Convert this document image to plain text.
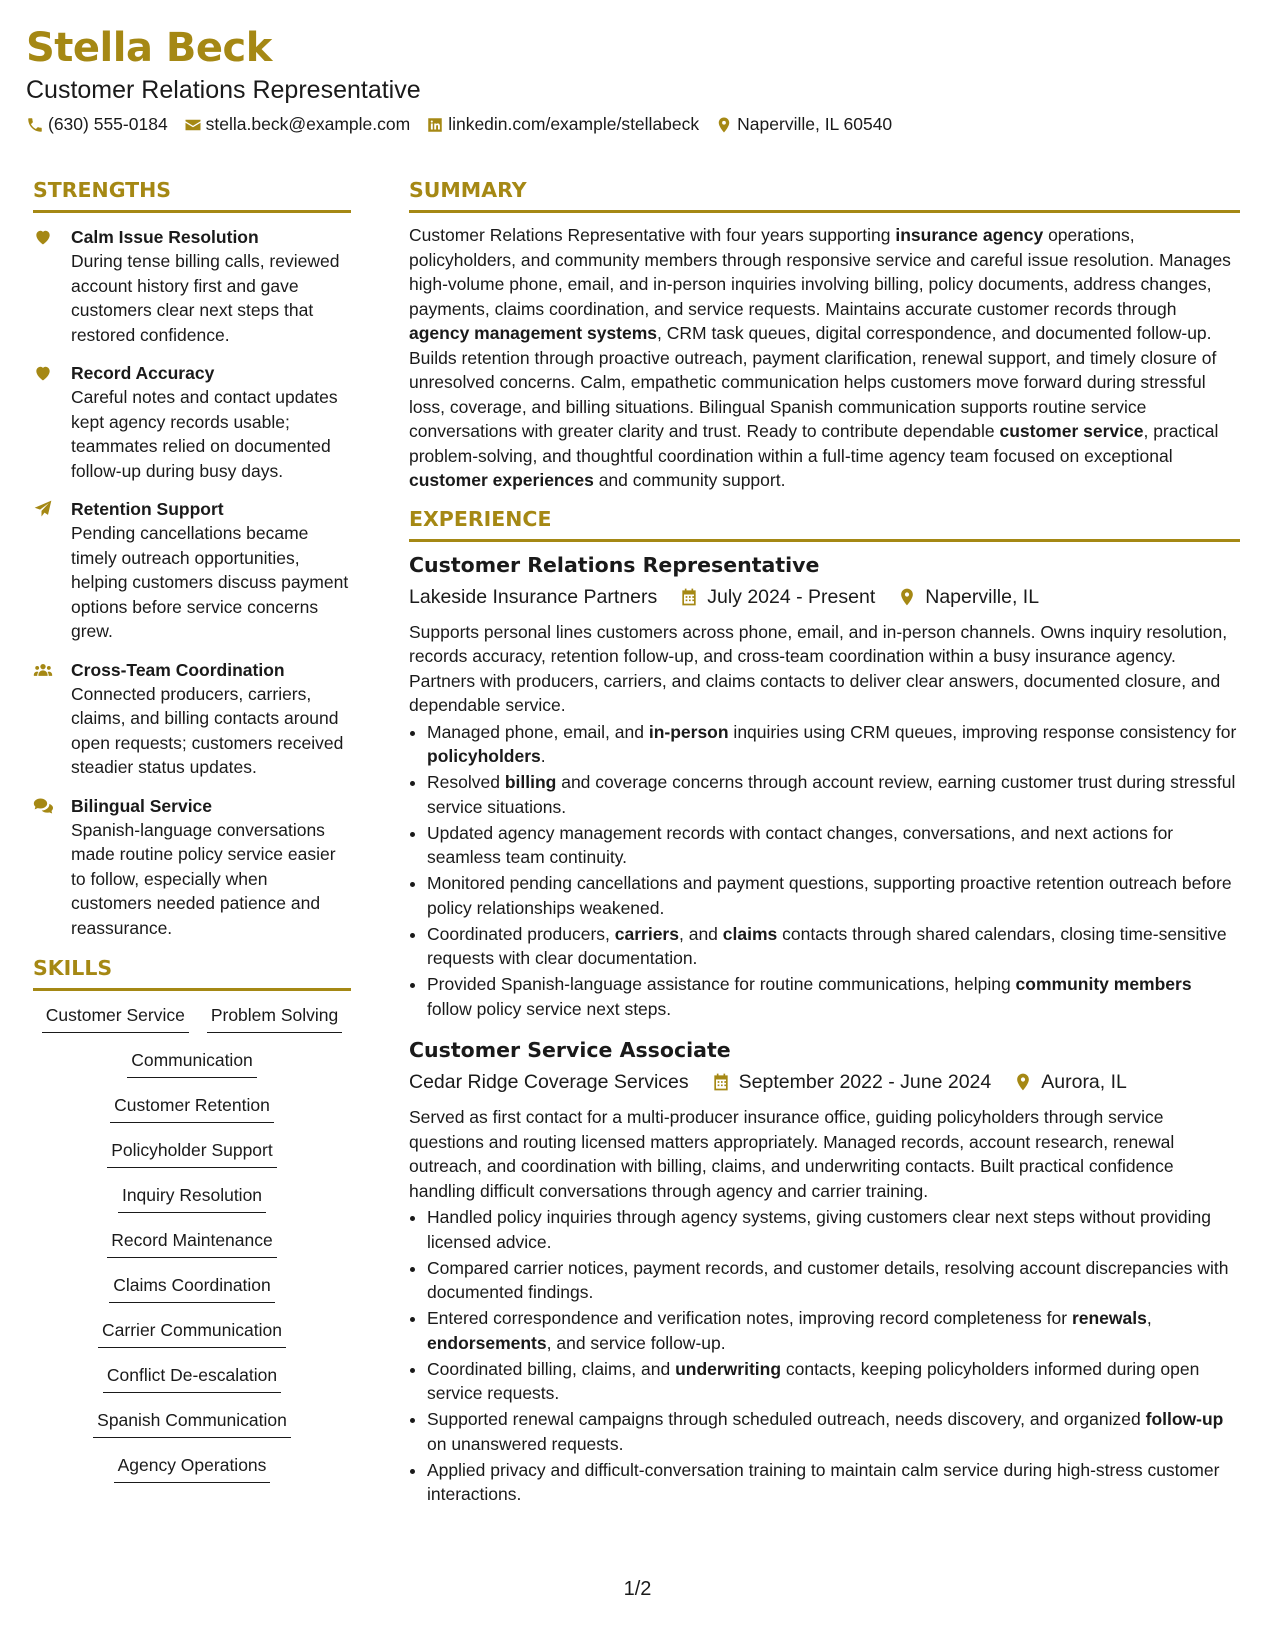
Stella Beck
Customer Relations Representative
(630) 555-0184 stella.beck@example.com linkedin.com/example/stellabeck Naperville, IL 60540
STRENGTHS
Calm Issue Resolution
During tense billing calls, reviewed account history first and gave customers clear next steps that restored confidence.
Record Accuracy
Careful notes and contact updates kept agency records usable; teammates relied on documented follow-up during busy days.
Retention Support
Pending cancellations became timely outreach opportunities, helping customers discuss payment options before service concerns grew.
Cross-Team Coordination
Connected producers, carriers, claims, and billing contacts around open requests; customers received steadier status updates.
Bilingual Service
Spanish-language conversations made routine policy service easier to follow, especially when customers needed patience and reassurance.
SKILLS
Customer Service Problem Solving
Communication
Customer Retention
Policyholder Support
Inquiry Resolution
Record Maintenance
Claims Coordination
Carrier Communication
Conflict De-escalation
Spanish Communication
Agency Operations
SUMMARY
Customer Relations Representative with four years supporting insurance agency operations, policyholders, and community members through responsive service and careful issue resolution. Manages high-volume phone, email, and in-person inquiries involving billing, policy documents, address changes, payments, claims coordination, and service requests. Maintains accurate customer records through agency management systems, CRM task queues, digital correspondence, and documented follow-up. Builds retention through proactive outreach, payment clarification, renewal support, and timely closure of unresolved concerns. Calm, empathetic communication helps customers move forward during stressful loss, coverage, and billing situations. Bilingual Spanish communication supports routine service conversations with greater clarity and trust. Ready to contribute dependable customer service, practical problem-solving, and thoughtful coordination within a full-time agency team focused on exceptional customer experiences and community support.
EXPERIENCE
Customer Relations Representative
Lakeside Insurance Partners	July 2024 - Present	Naperville, IL
Supports personal lines customers across phone, email, and in-person channels. Owns inquiry resolution, records accuracy, retention follow-up, and cross-team coordination within a busy insurance agency. Partners with producers, carriers, and claims contacts to deliver clear answers, documented closure, and dependable service.
• Managed phone, email, and in-person inquiries using CRM queues, improving response consistency for policyholders.
• Resolved billing and coverage concerns through account review, earning customer trust during stressful service situations.
• Updated agency management records with contact changes, conversations, and next actions for seamless team continuity.
• Monitored pending cancellations and payment questions, supporting proactive retention outreach before policy relationships weakened.
• Coordinated producers, carriers, and claims contacts through shared calendars, closing time-sensitive requests with clear documentation.
• Provided Spanish-language assistance for routine communications, helping community members follow policy service next steps.
Customer Service Associate
Cedar Ridge Coverage Services	September 2022 - June 2024	Aurora, IL
Served as first contact for a multi-producer insurance office, guiding policyholders through service questions and routing licensed matters appropriately. Managed records, account research, renewal outreach, and coordination with billing, claims, and underwriting contacts. Built practical confidence handling difficult conversations through agency and carrier training.
• Handled policy inquiries through agency systems, giving customers clear next steps without providing licensed advice.
• Compared carrier notices, payment records, and customer details, resolving account discrepancies with documented findings.
• Entered correspondence and verification notes, improving record completeness for renewals, endorsements, and service follow-up.
• Coordinated billing, claims, and underwriting contacts, keeping policyholders informed during open service requests.
• Supported renewal campaigns through scheduled outreach, needs discovery, and organized follow-up on unanswered requests.
• Applied privacy and difficult-conversation training to maintain calm service during high-stress customer interactions.
1/2
